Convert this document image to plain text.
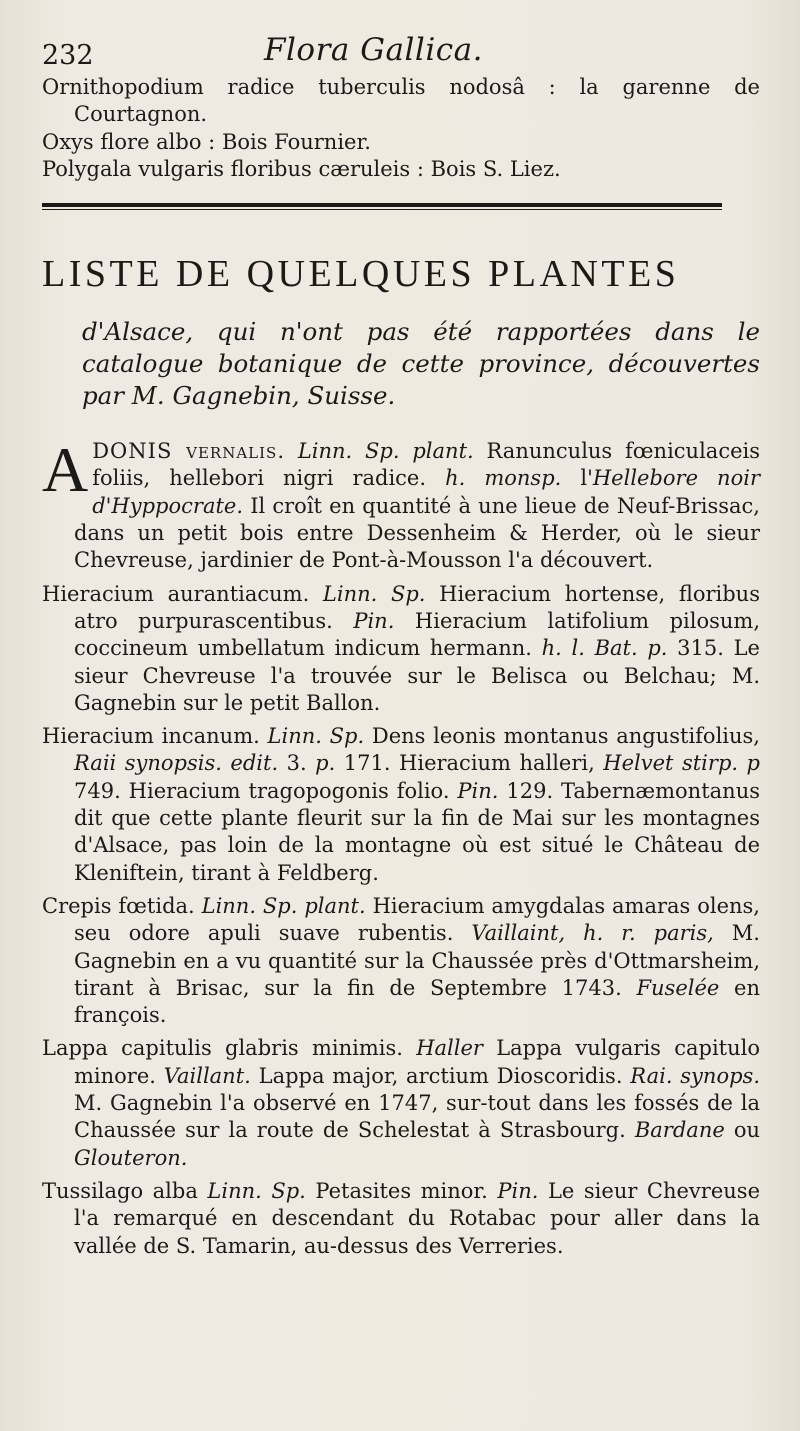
232	Flora Gallica.

Ornithopodium radice tuberculis nodosâ : la garenne de Courtagnon.

Oxys flore albo : Bois Fournier.

Polygala vulgaris floribus cæruleis : Bois S. Liez.

LISTE DE QUELQUES PLANTES

d'Alsace, qui n'ont pas été rapportées dans le catalogue botanique de cette province, découvertes par M. Gagnebin, Suisse.

ADONIS vernalis. Linn. Sp. plant. Ranunculus fœniculaceis foliis, hellebori nigri radice. h. monsp. l'Hellebore noir d'Hyppocrate. Il croît en quantité à une lieue de Neuf-Brissac, dans un petit bois entre Dessenheim & Herder, où le sieur Chevreuse, jardinier de Pont-à-Mousson l'a découvert.

Hieracium aurantiacum. Linn. Sp. Hieracium hortense, floribus atro purpurascentibus. Pin. Hieracium latifolium pilosum, coccineum umbellatum indicum hermann. h. l. Bat. p. 315. Le sieur Chevreuse l'a trouvée sur le Belisca ou Belchau; M. Gagnebin sur le petit Ballon.

Hieracium incanum. Linn. Sp. Dens leonis montanus angustifolius, Raii synopsis. edit. 3. p. 171. Hieracium halleri, Helvet stirp. p 749. Hieracium tragopogonis folio. Pin. 129. Tabernæmontanus dit que cette plante fleurit sur la fin de Mai sur les montagnes d'Alsace, pas loin de la montagne où est situé le Château de Kleniftein, tirant à Feldberg.

Crepis fœtida. Linn. Sp. plant. Hieracium amygdalas amaras olens, seu odore apuli suave rubentis. Vaillaint, h. r. paris, M. Gagnebin en a vu quantité sur la Chaussée près d'Ottmarsheim, tirant à Brisac, sur la fin de Septembre 1743. Fuselée en françois.

Lappa capitulis glabris minimis. Haller Lappa vulgaris capitulo minore. Vaillant. Lappa major, arctium Dioscoridis. Rai. synops. M. Gagnebin l'a observé en 1747, sur-tout dans les fossés de la Chaussée sur la route de Schelestat à Strasbourg. Bardane ou Glouteron.

Tussilago alba Linn. Sp. Petasites minor. Pin. Le sieur Chevreuse l'a remarqué en descendant du Rotabac pour aller dans la vallée de S. Tamarin, au-dessus des Verreries.
